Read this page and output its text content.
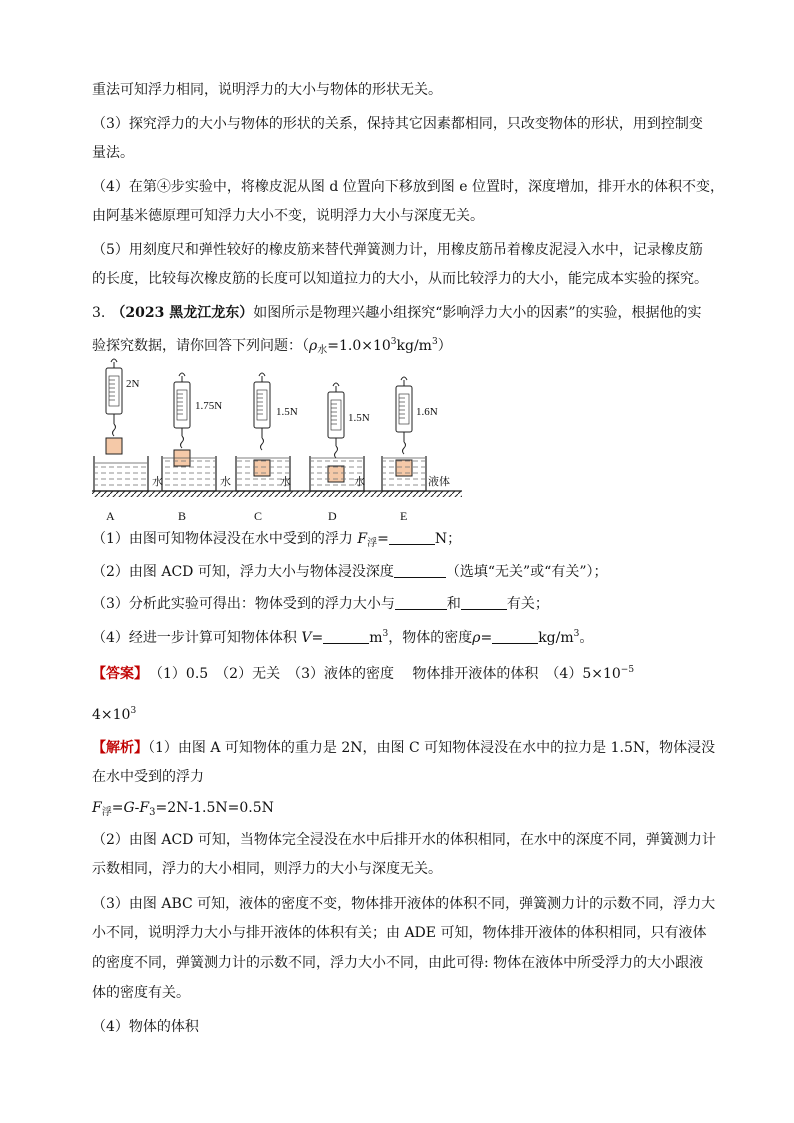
重法可知浮力相同，说明浮力的大小与物体的形状无关。
（3）探究浮力的大小与物体的形状的关系，保持其它因素都相同，只改变物体的形状，用到控制变
量法。
（4）在第④步实验中，将橡皮泥从图 d 位置向下移放到图 e 位置时，深度增加，排开水的体积不变，
由阿基米德原理可知浮力大小不变，说明浮力大小与深度无关。
（5）用刻度尺和弹性较好的橡皮筋来替代弹簧测力计，用橡皮筋吊着橡皮泥浸入水中，记录橡皮筋
的长度，比较每次橡皮筋的长度可以知道拉力的大小，从而比较浮力的大小，能完成本实验的探究。
3. （2023 黑龙江龙东）如图所示是物理兴趣小组探究“影响浮力大小的因素”的实验，根据他的实
验探究数据，请你回答下列问题：$(\rho_水=1.0\times 10^3kg/m^3)$
2N
水
A
1.75N
水
B
1.5N
水
C
1.5N
水
D
1.6N
液体
E
（1）由图可知物体浸没在水中受到的浮力 $F_浮=$	N；
（2）由图 ACD 可知，浮力大小与物体浸没深度	（选填“无关”或“有关”）；
（3）分析此实验可得出：物体受到的浮力大小与	和	有关；
（4）经进一步计算可知物体体积 V=	$m^3$，物体的密度ρ=	$kg/m^3$。
【答案】 （1）0.5　（2）无关　（3）液体的密度　 物体排开液体的体积　$(4)5\times 10^{-5}$
$4\times 10^3$
【解析】（1）由图 A 可知物体的重力是 2N，由图 C 可知物体浸没在水中的拉力是 1.5N，物体浸没
在水中受到的浮力
$F_浮=G-F_3=2N-1.5N=0.5N$
（2）由图 ACD 可知，当物体完全浸没在水中后排开水的体积相同，在水中的深度不同，弹簧测力计
示数相同，浮力的大小相同，则浮力的大小与深度无关。
（3）由图 ABC 可知，液体的密度不变，物体排开液体的体积不同，弹簧测力计的示数不同，浮力大
小不同，说明浮力大小与排开液体的体积有关；由 ADE 可知，物体排开液体的体积相同，只有液体
的密度不同，弹簧测力计的示数不同，浮力大小不同，由此可得: 物体在液体中所受浮力的大小跟液
体的密度有关。
（4）物体的体积
